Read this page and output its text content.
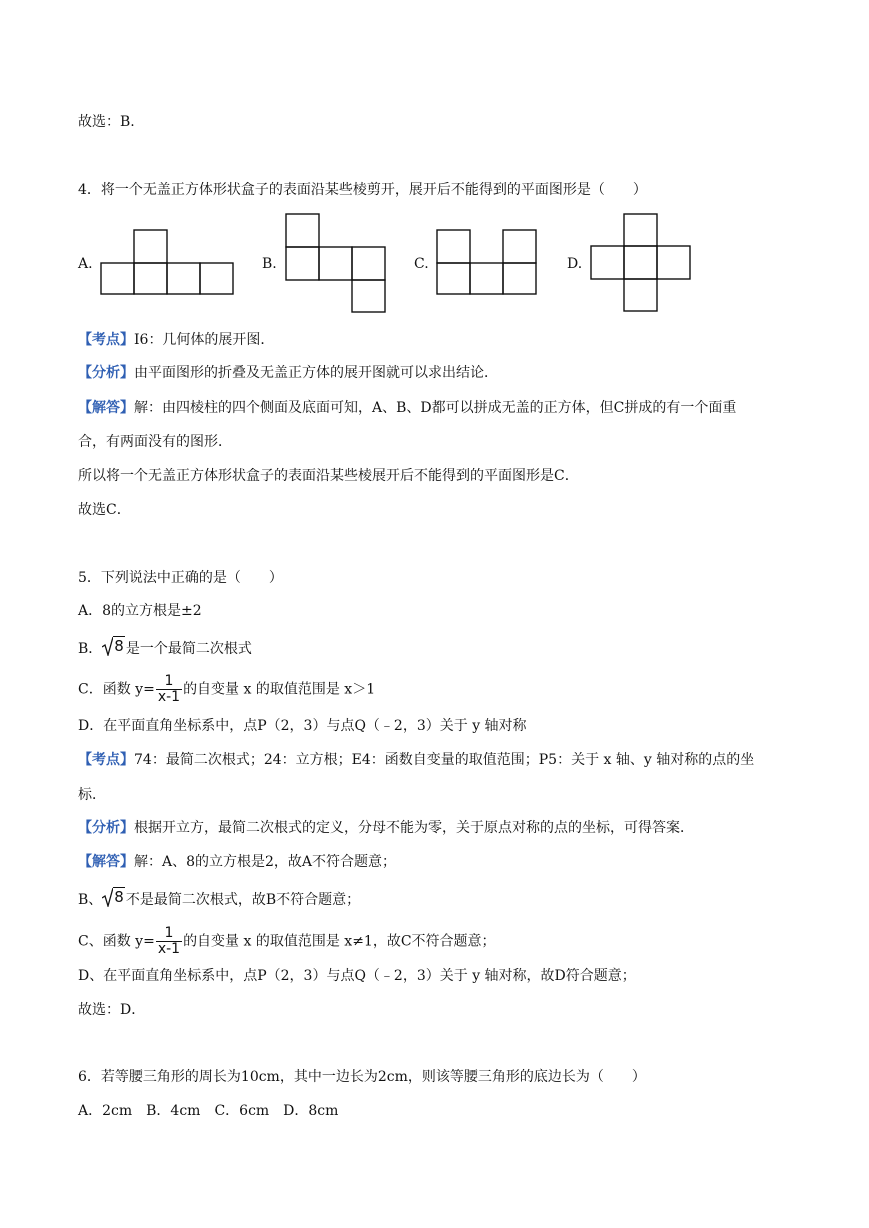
故选：B.
4．将一个无盖正方体形状盒子的表面沿某些棱剪开，展开后不能得到的平面图形是（　　）
A.	B.	C.	D.
【考点】I6：几何体的展开图．
【分析】由平面图形的折叠及无盖正方体的展开图就可以求出结论．
【解答】解：由四棱柱的四个侧面及底面可知，A、B、D都可以拼成无盖的正方体，但C拼成的有一个面重
合，有两面没有的图形．
所以将一个无盖正方体形状盒子的表面沿某些棱展开后不能得到的平面图形是C．
故选C．
5．下列说法中正确的是（　　）
A．8的立方根是±2
B． 8 是一个最简二次根式
C．函数 $y= \frac{1}{x-1}$ 的自变量 x 的取值范围是 x＞1
D．在平面直角坐标系中，点P（2，3）与点Q（﹣2，3）关于 y 轴对称
【考点】74：最简二次根式；24：立方根；E4：函数自变量的取值范围；P5：关于 x 轴、y 轴对称的点的坐
标．
【分析】根据开立方，最简二次根式的定义，分母不能为零，关于原点对称的点的坐标，可得答案．
【解答】解：A、8的立方根是2，故A不符合题意；
B、 8 不是最简二次根式，故B不符合题意；
C、函数 $y= \frac{1}{x-1}$ 的自变量 x 的取值范围是 x≠1，故C不符合题意；
D、在平面直角坐标系中，点P（2，3）与点Q（﹣2，3）关于 y 轴对称，故D符合题意；
故选：D．
6．若等腰三角形的周长为10cm，其中一边长为2cm，则该等腰三角形的底边长为（　　）
A．2cm　B．4cm　C．6cm　D．8cm
